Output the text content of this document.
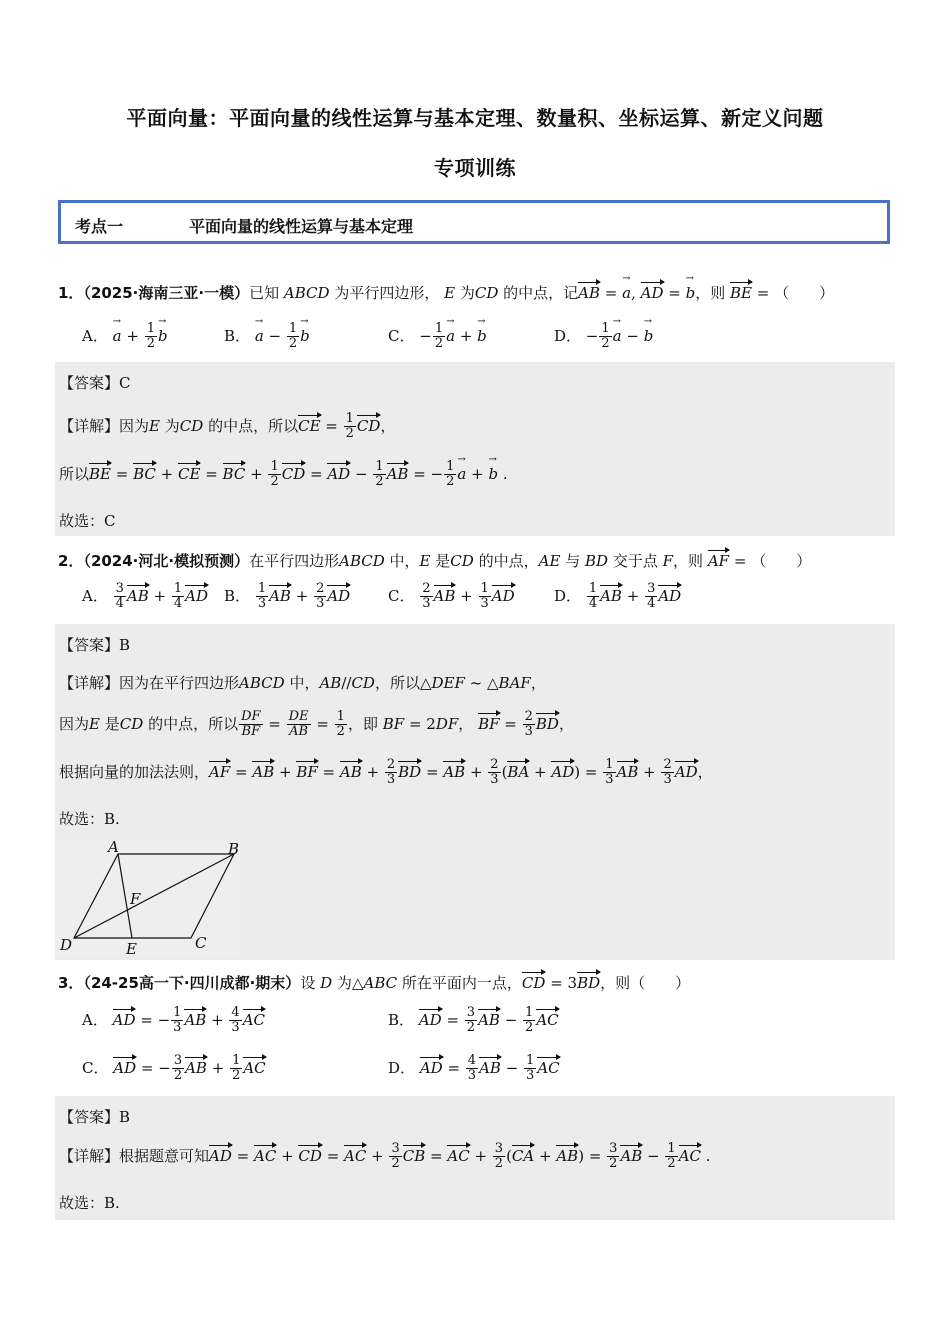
平面向量：平面向量的线性运算与基本定理、数量积、坐标运算、新定义问题
专项训练
考点一	平面向量的线性运算与基本定理
1．（2025·海南三亚·一模）已知 ABCD 为平行四边形， E 为CD 的中点，记AB = a →, AD = b →，则 BE = （　　）
A． a → + $\frac{1}{2}$ b →	B． a → − $\frac{1}{2}$ b →	C． − $\frac{1}{2}$ a → + b →	D． − $\frac{1}{2}$ a → − b →
【答案】C
【详解】因为E 为CD 的中点，所以CE = $\frac{1}{2}$ CD，
所以BE = BC + CE = BC + $\frac{1}{2}$ CD = AD − $\frac{1}{2}$ AB = − $\frac{1}{2}$ a → + b → .
故选：C
2．（2024·河北·模拟预测）在平行四边形ABCD 中，E 是CD 的中点，AE 与 BD 交于点 F，则 AF = （　　）
A． $\frac{3}{4}$ AB + $\frac{1}{4}$ AD B． $\frac{1}{3}$ AB + $\frac{2}{3}$ AD	C． $\frac{2}{3}$ AB + $\frac{1}{3}$ AD	D． $\frac{1}{4}$ AB + $\frac{3}{4}$ AD
【答案】B
【详解】因为在平行四边形ABCD 中，AB//CD，所以△DEF ~ △BAF，
因为E 是CD 的中点，所以 $\frac{DF}{BF} = \frac{DE}{AB} = \frac{1}{2}$ ，即 BF = 2DF， BF = $\frac{2}{3}$ BD，
根据向量的加法法则，AF = AB + BF = AB + $\frac{2}{3}$ BD = AB + $\frac{2}{3} (BA + AD) = \frac{1}{3}$ AB + $\frac{2}{3}$ AD，
故选：B.
A	B
C
D	E
F
3．（24-25高一下·四川成都·期末）设 D 为△ABC 所在平面内一点，CD = 3BD，则（　　）
A． AD = − $\frac{1}{3}$ AB + $\frac{4}{3}$ AC	B． AD = $\frac{3}{2}$ AB − $\frac{1}{2}$ AC
C． AD = − $\frac{3}{2}$ AB + $\frac{1}{2}$ AC	D． AD = $\frac{4}{3}$ AB − $\frac{1}{3}$ AC
【答案】B
【详解】根据题意可知AD = AC + CD = AC + $\frac{3}{2}$ CB = AC + $\frac{3}{2} (CA + AB) = \frac{3}{2}$ AB − $\frac{1}{2}$ AC .
故选：B.
